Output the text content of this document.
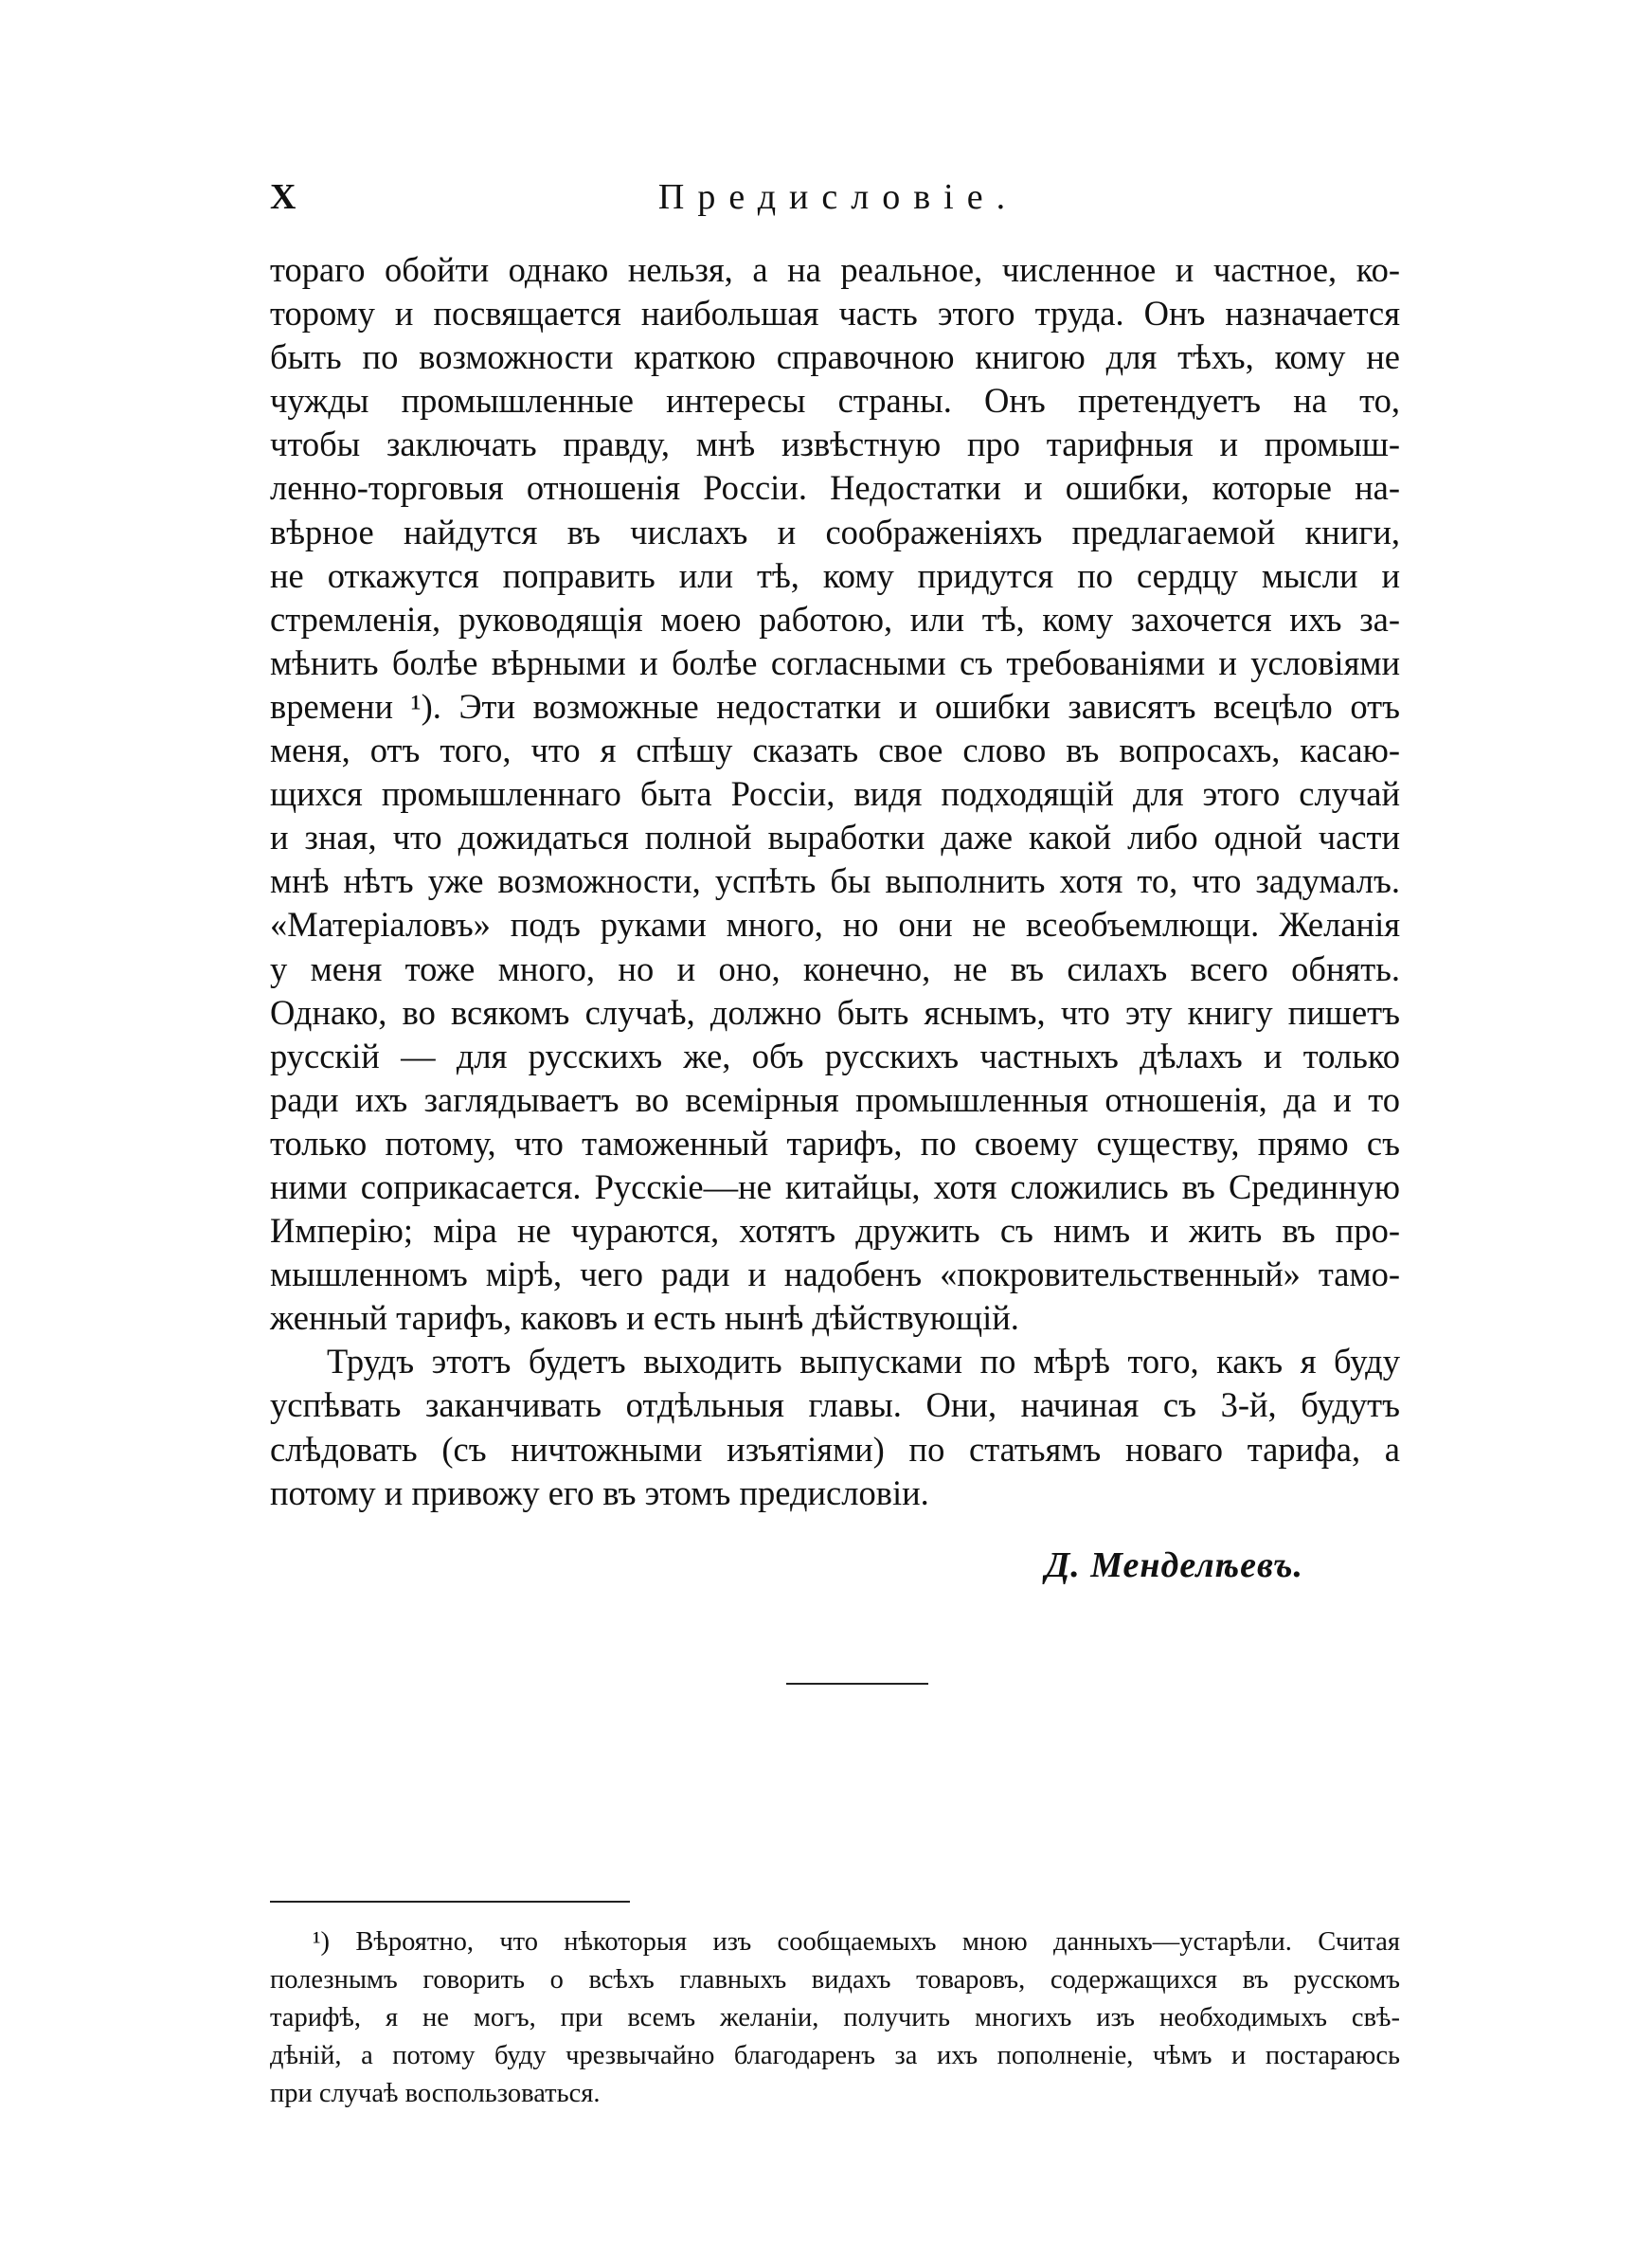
X	Предисловіе.
тораго обойти однако нельзя, а на реальное, численное и частное, ко-
торому и посвящается наибольшая часть этого труда. Онъ назначается
быть по возможности краткою справочною книгою для тѣхъ, кому не
чужды промышленные интересы страны. Онъ претендуетъ на то,
чтобы заключать правду, мнѣ извѣстную про тарифныя и промыш-
ленно-торговыя отношенія Россіи. Недостатки и ошибки, которые на-
вѣрное найдутся въ числахъ и соображеніяхъ предлагаемой книги,
не откажутся поправить или тѣ, кому придутся по сердцу мысли и
стремленія, руководящія моею работою, или тѣ, кому захочется ихъ за-
мѣнить болѣе вѣрными и болѣе согласными съ требованіями и условіями
времени ¹). Эти возможные недостатки и ошибки зависятъ всецѣло отъ
меня, отъ того, что я спѣшу сказать свое слово въ вопросахъ, касаю-
щихся промышленнаго быта Россіи, видя подходящій для этого случай
и зная, что дожидаться полной выработки даже какой либо одной части
мнѣ нѣтъ уже возможности, успѣть бы выполнить хотя то, что задумалъ.
«Матеріаловъ» подъ руками много, но они не всеобъемлющи. Желанія
у меня тоже много, но и оно, конечно, не въ силахъ всего обнять.
Однако, во всякомъ случаѣ, должно быть яснымъ, что эту книгу пишетъ
русскій — для русскихъ же, объ русскихъ частныхъ дѣлахъ и только
ради ихъ заглядываетъ во всемірныя промышленныя отношенія, да и то
только потому, что таможенный тарифъ, по своему существу, прямо съ
ними соприкасается. Русскіе—не китайцы, хотя сложились въ Срединную
Имперію; міра не чураются, хотятъ дружить съ нимъ и жить въ про-
мышленномъ мірѣ, чего ради и надобенъ «покровительственный» тамо-
женный тарифъ, каковъ и есть нынѣ дѣйствующій.
Трудъ этотъ будетъ выходить выпусками по мѣрѣ того, какъ я буду
успѣвать заканчивать отдѣльныя главы. Они, начиная съ 3-й, будутъ
слѣдовать (съ ничтожными изъятіями) по статьямъ новаго тарифа, а
потому и привожу его въ этомъ предисловіи.
Д. Менделѣевъ.
¹) Вѣроятно, что нѣкоторыя изъ сообщаемыхъ мною данныхъ—устарѣли. Считая
полезнымъ говорить о всѣхъ главныхъ видахъ товаровъ, содержащихся въ русскомъ
тарифѣ, я не могъ, при всемъ желаніи, получить многихъ изъ необходимыхъ свѣ-
дѣній, а потому буду чрезвычайно благодаренъ за ихъ пополненіе, чѣмъ и постараюсь
при случаѣ воспользоваться.
